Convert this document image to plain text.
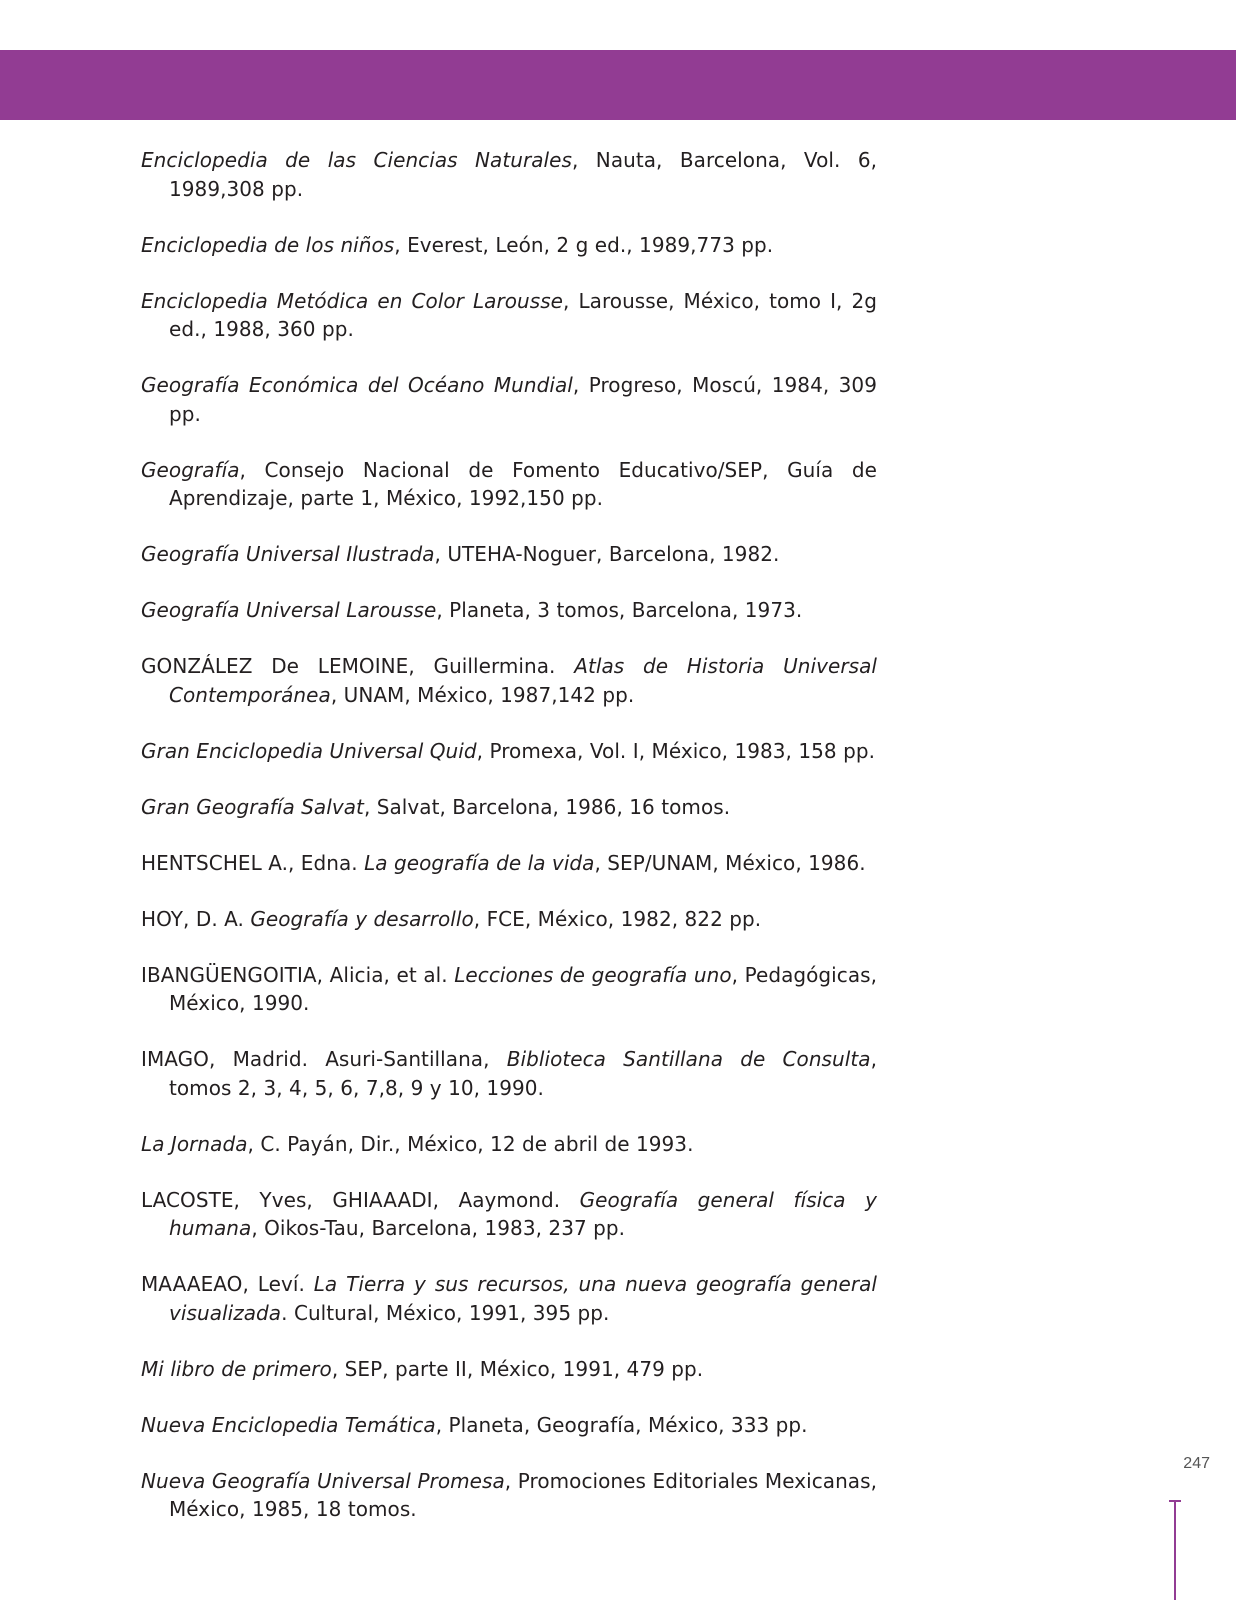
Enciclopedia de las Ciencias Naturales, Nauta, Barcelona, Vol. 6, 1989,308 pp.
Enciclopedia de los niños, Everest, León, 2 g ed., 1989,773 pp.
Enciclopedia Metódica en Color Larousse, Larousse, México, tomo I, 2g ed., 1988, 360 pp.
Geografía Económica del Océano Mundial, Progreso, Moscú, 1984, 309 pp.
Geografía, Consejo Nacional de Fomento Educativo/SEP, Guía de Aprendizaje, parte 1, México, 1992,150 pp.
Geografía Universal Ilustrada, UTEHA-Noguer, Barcelona, 1982.
Geografía Universal Larousse, Planeta, 3 tomos, Barcelona, 1973.
GONZÁLEZ De LEMOINE, Guillermina. Atlas de Historia Universal Contemporánea, UNAM, México, 1987,142 pp.
Gran Enciclopedia Universal Quid, Promexa, Vol. I, México, 1983, 158 pp.
Gran Geografía Salvat, Salvat, Barcelona, 1986, 16 tomos.
HENTSCHEL A., Edna. La geografía de la vida, SEP/UNAM, México, 1986.
HOY, D. A. Geografía y desarrollo, FCE, México, 1982, 822 pp.
IBANGÜENGOITIA, Alicia, et al. Lecciones de geografía uno, Pedagógicas, México, 1990.
IMAGO, Madrid. Asuri-Santillana, Biblioteca Santillana de Consulta, tomos 2, 3, 4, 5, 6, 7,8, 9 y 10, 1990.
La Jornada, C. Payán, Dir., México, 12 de abril de 1993.
LACOSTE, Yves, GHIAAADI, Aaymond. Geografía general física y humana, Oikos-Tau, Barcelona, 1983, 237 pp.
MAAAEAO, Leví. La Tierra y sus recursos, una nueva geografía general visualizada. Cultural, México, 1991, 395 pp.
Mi libro de primero, SEP, parte II, México, 1991, 479 pp.
Nueva Enciclopedia Temática, Planeta, Geografía, México, 333 pp.
Nueva Geografía Universal Promesa, Promociones Editoriales Mexicanas, México, 1985, 18 tomos.
247
